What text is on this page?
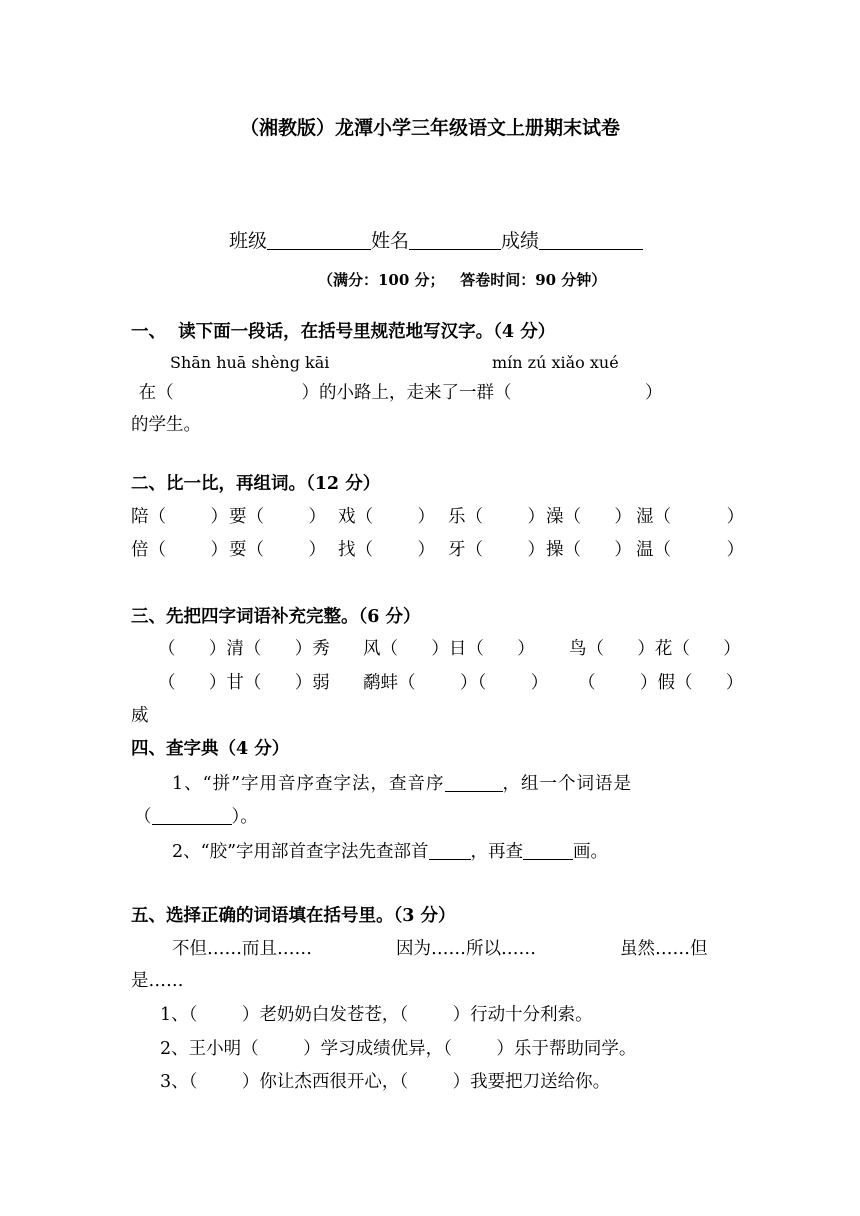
（湘教版）龙潭小学三年级语文上册期末试卷

班级	姓名	成绩

（满分：100 分；   答卷时间：90 分钟）
一、  读下面一段话，在括号里规范地写汉字。（4 分）
Shān huā shèng kāi	mín zú xiǎo xué
在（                       ）的小路上，走来了一群（                        ）
的学生。
二、比一比，再组词。（12 分）
陪（        ） 要（        ） 戏（        ） 乐（        ） 澡（      ） 湿（          ）
倍（        ） 耍（        ） 找（        ） 牙（        ） 操（      ） 温（          ）
三、先把四字词语补充完整。（6 分）
（      ）清（      ）秀 风（      ）日（      ） 鸟（      ）花（      ）
（      ）甘（      ）弱 鹬蚌（        ）（        ） （        ）假（      ）
威
四、查字典（4 分）
1、“拼”字用音序查字法，查音序	，组一个词语是
（	）。
2、“胶”字用部首查字法先查部首 ，再查	画。
五、选择正确的词语填在括号里。（3 分）
不但……而且……	因为……所以……	虽然……但
是……
1、（        ）老奶奶白发苍苍，（        ）行动十分利索。
2、王小明（        ）学习成绩优异，（        ）乐于帮助同学。
3、（        ）你让杰西很开心，（        ）我要把刀送给你。
